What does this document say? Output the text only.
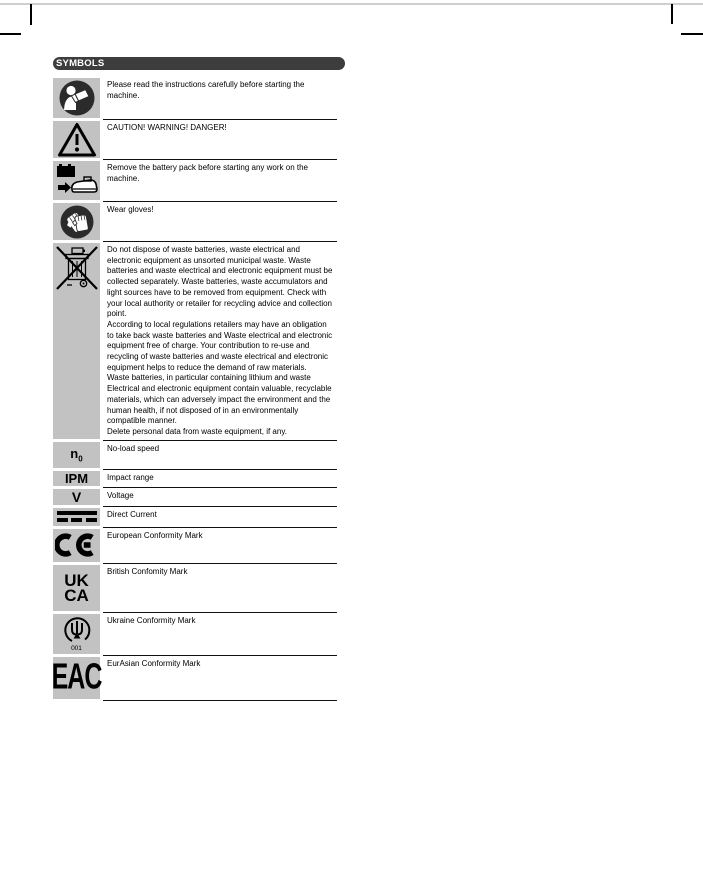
SYMBOLS
Please read the instructions carefully before starting the machine.
CAUTION! WARNING! DANGER!
Remove the battery pack before starting any work on the machine.
Wear gloves!

Do not dispose of waste batteries, waste electrical and electronic equipment as unsorted municipal waste. Waste batteries and waste electrical and electronic equipment must be collected separately. Waste batteries, waste accumulators and light sources have to be removed from equipment. Check with your local authority or retailer for recycling advice and collection point.

According to local regulations retailers may have an obligation to take back waste batteries and Waste electrical and electronic equipment free of charge. Your contribution to re-use and recycling of waste batteries and waste electrical and electronic equipment helps to reduce the demand of raw materials.

Waste batteries, in particular containing lithium and waste Electrical and electronic equipment contain valuable, recyclable materials, which can adversely impact the environment and the human health, if not disposed of in an environmentally compatible manner.

Delete personal data from waste equipment, if any.

$n_0$
No-load speed
IPM	Impact range
V	Voltage
Direct Current
European Conformity Mark
UK
CA
British Confomity Mark
001
Ukraine Conformity Mark
EAC EurAsian Conformity Mark
